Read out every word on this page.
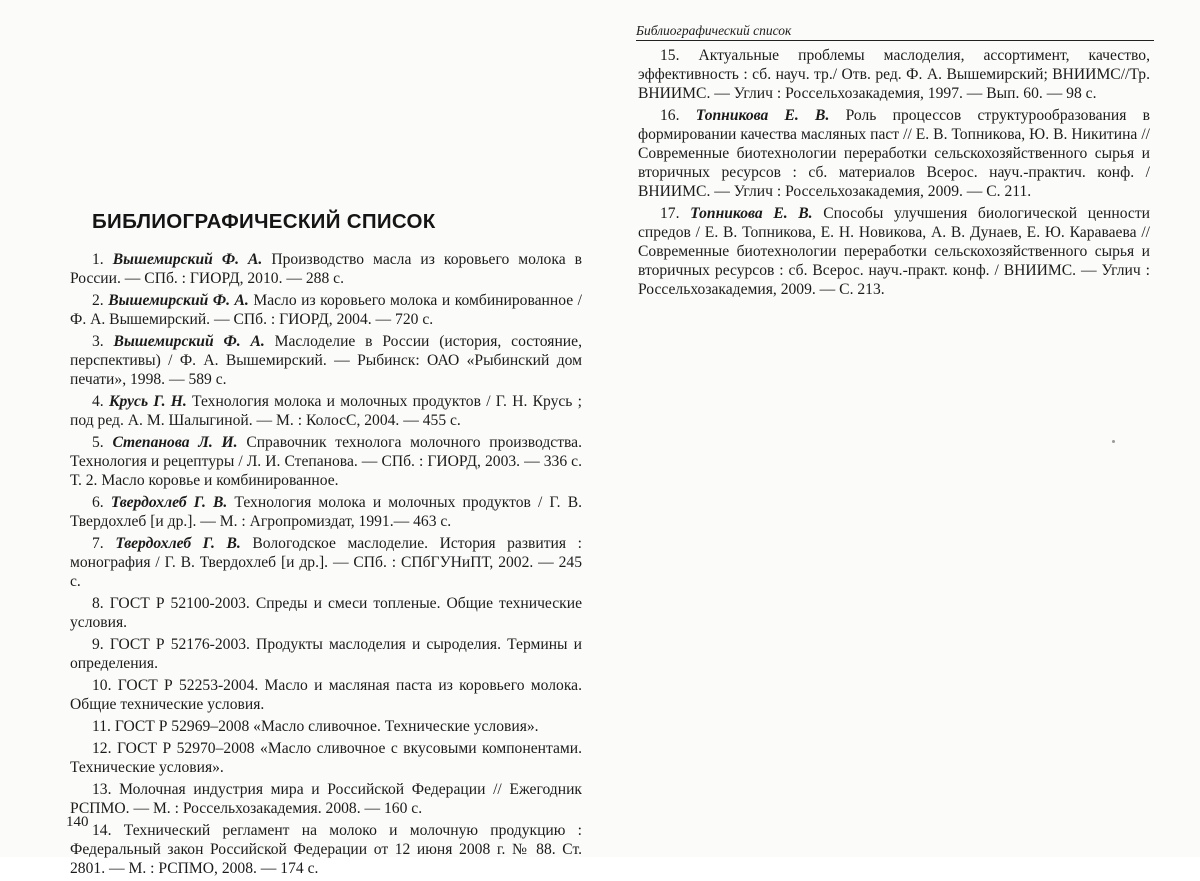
БИБЛИОГРАФИЧЕСКИЙ СПИСОК
1. Вышемирский Ф. А. Производство масла из коровьего молока в России. — СПб. : ГИОРД, 2010. — 288 с.
2. Вышемирский Ф. А. Масло из коровьего молока и комбинированное / Ф. А. Вышемирский. — СПб. : ГИОРД, 2004. — 720 с.
3. Вышемирский Ф. А. Маслоделие в России (история, состояние, перспективы) / Ф. А. Вышемирский. — Рыбинск: ОАО «Рыбинский дом печати», 1998. — 589 с.
4. Крусь Г. Н. Технология молока и молочных продуктов / Г. Н. Крусь ; под ред. А. М. Шалыгиной. — М. : КолосС, 2004. — 455 с.
5. Степанова Л. И. Справочник технолога молочного производства. Технология и рецептуры / Л. И. Степанова. — СПб. : ГИОРД, 2003. — 336 с. Т. 2. Масло коровье и комбинированное.
6. Твердохлеб Г. В. Технология молока и молочных продуктов / Г. В. Твердохлеб [и др.]. — М. : Агропромиздат, 1991.— 463 с.
7. Твердохлеб Г. В. Вологодское маслоделие. История развития : монография / Г. В. Твердохлеб [и др.]. — СПб. : СПбГУНиПТ, 2002. — 245 с.
8. ГОСТ Р 52100-2003. Спреды и смеси топленые. Общие технические условия.
9. ГОСТ Р 52176-2003. Продукты маслоделия и сыроделия. Термины и определения.
10. ГОСТ Р 52253-2004. Масло и масляная паста из коровьего молока. Общие технические условия.
11. ГОСТ Р 52969–2008 «Масло сливочное. Технические условия».
12. ГОСТ Р 52970–2008 «Масло сливочное с вкусовыми компонентами. Технические условия».
13. Молочная индустрия мира и Российской Федерации // Ежегодник РСПМО. — М. : Россельхозакадемия. 2008. — 160 с.
14. Технический регламент на молоко и молочную продукцию : Федеральный закон Российской Федерации от 12 июня 2008 г. № 88. Ст. 2801. — М. : РСПМО, 2008. — 174 с.
140
Библиографический список
15. Актуальные проблемы маслоделия, ассортимент, качество, эффективность : сб. науч. тр./ Отв. ред. Ф. А. Вышемирский; ВНИИМС//Тр. ВНИИМС. — Углич : Россельхозакадемия, 1997. — Вып. 60. — 98 с.
16. Топникова Е. В. Роль процессов структурообразования в формировании качества масляных паст // Е. В. Топникова, Ю. В. Никитина // Современные биотехнологии переработки сельскохозяйственного сырья и вторичных ресурсов : сб. материалов Всерос. науч.-практич. конф. / ВНИИМС. — Углич : Россельхозакадемия, 2009. — С. 211.
17. Топникова Е. В. Способы улучшения биологической ценности спредов / Е. В. Топникова, Е. Н. Новикова, А. В. Дунаев, Е. Ю. Караваева // Современные биотехнологии переработки сельскохозяйственного сырья и вторичных ресурсов : сб. Всерос. науч.-практ. конф. / ВНИИМС. — Углич : Россельхозакадемия, 2009. — С. 213.
